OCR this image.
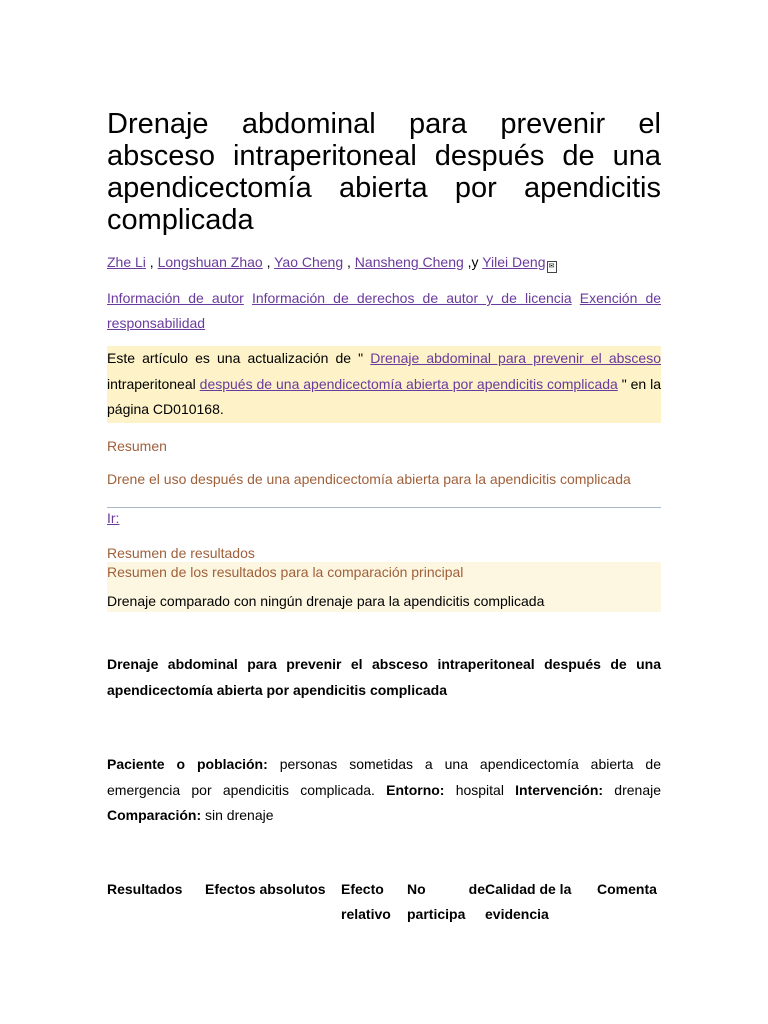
Drenaje abdominal para prevenir el absceso intraperitoneal después de una apendicectomía abierta por apendicitis complicada
Zhe Li , Longshuan Zhao , Yao Cheng , Nansheng Cheng ,y Yilei Deng ✉
Información de autor Información de derechos de autor y de licencia Exención de responsabilidad
Este artículo es una actualización de " Drenaje abdominal para prevenir el absceso intraperitoneal después de una apendicectomía abierta por apendicitis complicada " en la página CD010168.
Resumen
Drene el uso después de una apendicectomía abierta para la apendicitis complicada
Ir:
Resumen de resultados
Resumen de los resultados para la comparación principal
Drenaje comparado con ningún drenaje para la apendicitis complicada
Drenaje abdominal para prevenir el absceso intraperitoneal después de una apendicectomía abierta por apendicitis complicada
Paciente o población: personas sometidas a una apendicectomía abierta de emergencia por apendicitis complicada. Entorno: hospital Intervención: drenaje Comparación: sin drenaje
Resultados	Efectos absolutos	Efecto relativo
No de participa
Calidad de la evidencia
Comenta
